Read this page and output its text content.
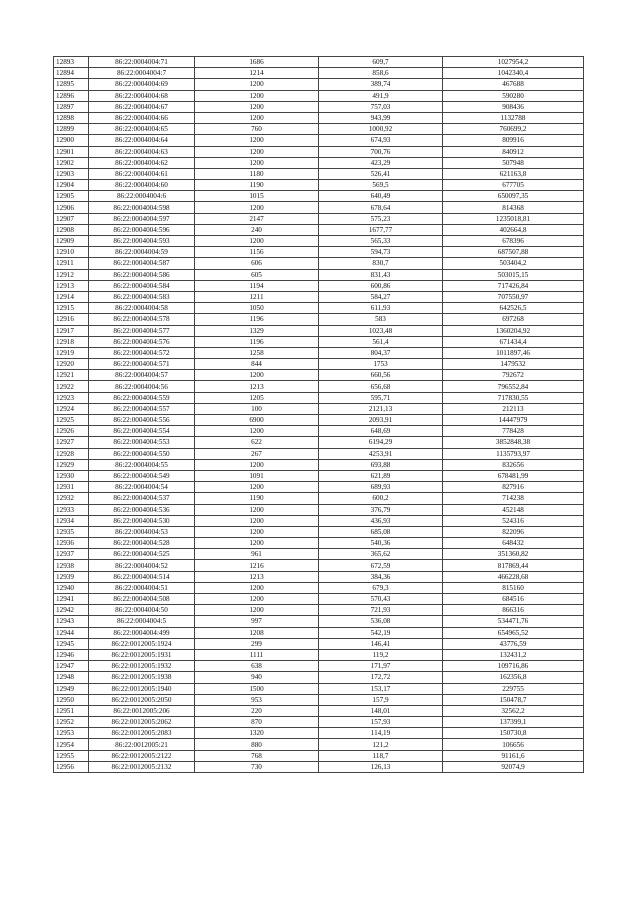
12893	86:22:0004004:71	1686	609,7	1027954,2
12894	86:22:0004004:7	1214	858,6	1042340,4
12895	86:22:0004004:69	1200	389,74	467688
12896	86:22:0004004:68	1200	491,9	590280
12897	86:22:0004004:67	1200	757,03	908436
12898	86:22:0004004:66	1200	943,99	1132788
12899	86:22:0004004:65	760	1000,92	760699,2
12900	86:22:0004004:64	1200	674,93	809916
12901	86:22:0004004:63	1200	700,76	840912
12902	86:22:0004004:62	1200	423,29	507948
12903	86:22:0004004:61	1180	526,41	621163,8
12904	86:22:0004004:60	1190	569,5	677705
12905	86:22:0004004:6	1015	640,49	650097,35
12906	86:22:0004004:598	1200	678,64	814368
12907	86:22:0004004:597	2147	575,23	1235018,81
12908	86:22:0004004:596	240	1677,77	402664,8
12909	86:22:0004004:593	1200	565,33	678396
12910	86:22:0004004:59	1156	594,73	687507,88
12911	86:22:0004004:587	606	830,7	503404,2
12912	86:22:0004004:586	605	831,43	503015,15
12913	86:22:0004004:584	1194	600,86	717426,84
12914	86:22:0004004:583	1211	584,27	707550,97
12915	86:22:0004004:58	1050	611,93	642526,5
12916	86:22:0004004:578	1196	583	697268
12917	86:22:0004004:577	1329	1023,48	1360204,92
12918	86:22:0004004:576	1196	561,4	671434,4
12919	86:22:0004004:572	1258	804,37	1011897,46
12920	86:22:0004004:571	844	1753	1479532
12921	86:22:0004004:57	1200	660,56	792672
12922	86:22:0004004:56	1213	656,68	796552,84
12923	86:22:0004004:559	1205	595,71	717830,55
12924	86:22:0004004:557	100	2121,13	212113
12925	86:22:0004004:556	6900	2093,91	14447979
12926	86:22:0004004:554	1200	648,69	778428
12927	86:22:0004004:553	622	6194,29	3852848,38
12928	86:22:0004004:550	267	4253,91	1135793,97
12929	86:22:0004004:55	1200	693,88	832656
12930	86:22:0004004:549	1091	621,89	678481,99
12931	86:22:0004004:54	1200	689,93	827916
12932	86:22:0004004:537	1190	600,2	714238
12933	86:22:0004004:536	1200	376,79	452148
12934	86:22:0004004:530	1200	436,93	524316
12935	86:22:0004004:53	1200	685,08	822096
12936	86:22:0004004:528	1200	540,36	648432
12937	86:22:0004004:525	961	365,62	351360,82
12938	86:22:0004004:52	1216	672,59	817869,44
12939	86:22:0004004:514	1213	384,36	466228,68
12940	86:22:0004004:51	1200	679,3	815160
12941	86:22:0004004:508	1200	570,43	684516
12942	86:22:0004004:50	1200	721,93	866316
12943	86:22:0004004:5	997	536,08	534471,76
12944	86:22:0004004:499	1208	542,19	654965,52
12945	86:22:0012005:1924	299	146,41	43776,59
12946	86:22:0012005:1931	1111	119,2	132431,2
12947	86:22:0012005:1932	638	171,97	109716,86
12948	86:22:0012005:1938	940	172,72	162356,8
12949	86:22:0012005:1940	1500	153,17	229755
12950	86:22:0012005:2050	953	157,9	150478,7
12951	86:22:0012005:206	220	148,01	32562,2
12952	86:22:0012005:2062	870	157,93	137399,1
12953	86:22:0012005:2083	1320	114,19	150730,8
12954	86:22:0012005:21	880	121,2	106656
12955	86:22:0012005:2122	768	118,7	91161,6
12956	86:22:0012005:2132	730	126,13	92074,9
